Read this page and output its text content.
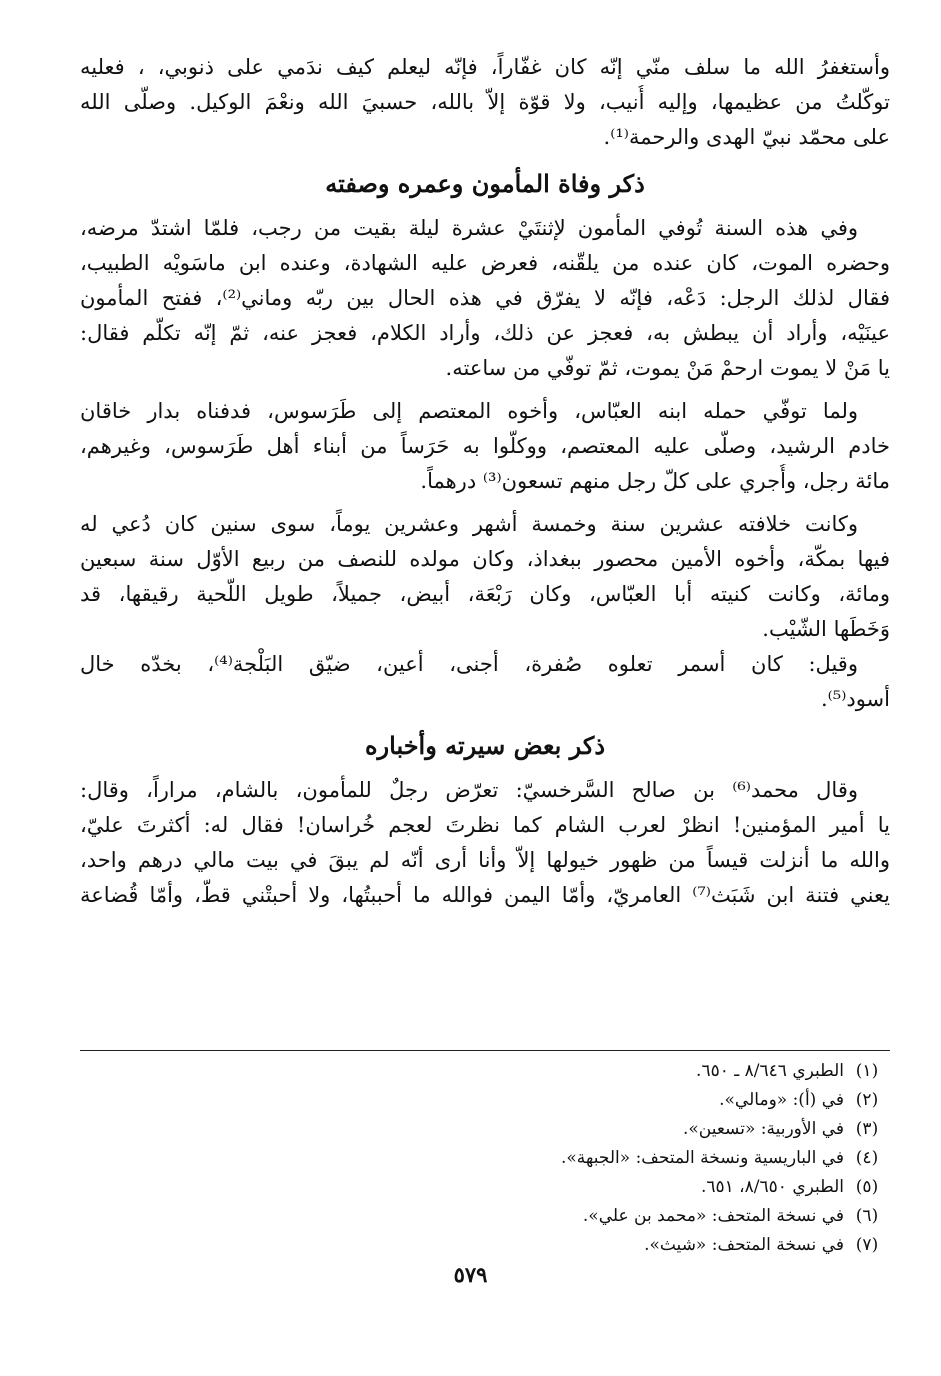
وأستغفرُ الله ما سلف منّي إنّه كان غفّاراً، فإنّه ليعلم كيف ندَمي على ذنوبي، ، فعليه
توكّلتُ من عظيمها، وإليه أُنيب، ولا قوّة إلاّ بالله، حسبيَ الله ونعْمَ الوكيل. وصلّى الله
على محمّد نبيّ الهدى والرحمة⁽¹⁾.
ذكر وفاة المأمون وعمره وصفته
وفي هذه السنة تُوفي المأمون لإثنتَيْ عشرة ليلة بقيت من رجب، فلمّا اشتدّ مرضه،
وحضره الموت، كان عنده من يلقّنه، فعرض عليه الشهادة، وعنده ابن ماسَويْه الطبيب،
فقال لذلك الرجل: دَعْه، فإنّه لا يفرّق في هذه الحال بين ربّه وماني⁽²⁾، ففتح المأمون
عينَيْه، وأراد أن يبطش به، فعجز عن ذلك، وأراد الكلام، فعجز عنه، ثمّ إنّه تكلّم فقال:
يا مَنْ لا يموت ارحمْ مَنْ يموت، ثمّ توفّي من ساعته.
ولما توفّي حمله ابنه العبّاس، وأخوه المعتصم إلى طَرَسوس، فدفناه بدار خاقان
خادم الرشيد، وصلّى عليه المعتصم، ووكلّوا به حَرَساً من أبناء أهل طَرَسوس، وغيرهم،
مائة رجل، وأُجري على كلّ رجل منهم تسعون⁽³⁾ درهماً.
وكانت خلافته عشرين سنة وخمسة أشهر وعشرين يوماً، سوى سنين كان دُعي له
فيها بمكّة، وأخوه الأمين محصور ببغداذ، وكان مولده للنصف من ربيع الأوّل سنة سبعين
ومائة، وكانت كنيته أبا العبّاس، وكان رَبْعَة، أبيض، جميلاً، طويل اللّحية رقيقها، قد
وَخَطَها الشّيْب.
وقيل: كان أسمر تعلوه صُفرة، أجنى، أعين، ضيّق البَلْجة⁽⁴⁾، بخدّه خال
أسود⁽⁵⁾.
ذكر بعض سيرته وأخباره
وقال محمد⁽⁶⁾ بن صالح السَّرخسيّ: تعرّض رجلٌ للمأمون، بالشام، مراراً، وقال:
يا أمير المؤمنين! انظرْ لعرب الشام كما نظرتَ لعجم خُراسان! فقال له: أكثرتَ عليّ،
والله ما أنزلت قيساً من ظهور خيولها إلاّ وأنا أرى أنّه لم يبقَ في بيت مالي درهم واحد،
يعني فتنة ابن شَبَث⁽⁷⁾ العامريّ، وأمّا اليمن فوالله ما أحببتُها، ولا أحبتْني قطّ، وأمّا قُضاعة
(١)
الطبري ٨/٦٤٦ ـ ٦٥٠.
(٢)
في (أ): «ومالي».
(٣)
في الأوربية: «تسعين».
(٤)
في الباريسية ونسخة المتحف: «الجبهة».
(٥)
الطبري ٨/٦٥٠، ٦٥١.
(٦)
في نسخة المتحف: «محمد بن علي».
(٧)
في نسخة المتحف: «شيث».
٥٧٩
